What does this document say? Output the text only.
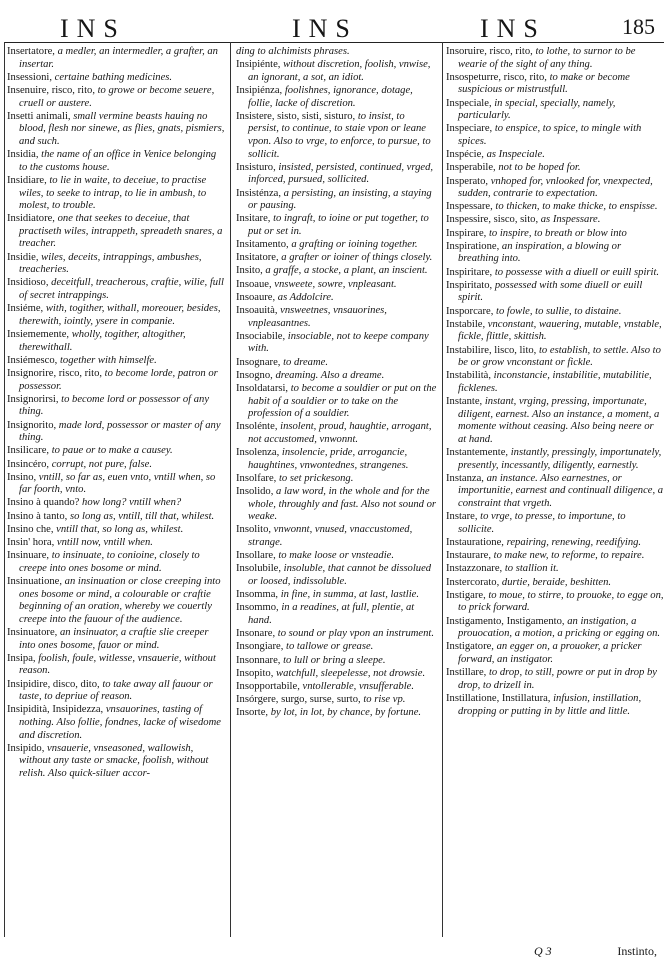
INS	INS	INS	185

Insertatore, a medler, an intermedler, a grafter, an insertar.

Insessioni, certaine bathing medicines.

Insenuire, risco, rito, to growe or become seuere, cruell or austere.

Insetti animali, small vermine beasts hauing no blood, flesh nor sinewe, as flies, gnats, pismiers, and such.

Insidia, the name of an office in Venice belonging to the customs house.

Insidiare, to lie in waite, to deceiue, to practise wiles, to seeke to intrap, to lie in ambush, to molest, to trouble.

Insidiatore, one that seekes to deceiue, that practiseth wiles, intrappeth, spreadeth snares, a treacher.

Insidie, wiles, deceits, intrappings, ambushes, treacheries.

Insidioso, deceitfull, treacherous, craftie, wilie, full of secret intrappings.

Insiéme, with, togither, withall, moreouer, besides, therewith, iointly, ysere in companie.

Insiememente, wholly, togither, altogither, therewithall.

Insiémesco, together with himselfe.

Insignorire, risco, rito, to become lorde, patron or possessor.

Insignorirsi, to become lord or possessor of any thing.

Insignorito, made lord, possessor or master of any thing.

Insilicare, to paue or to make a causey.

Insincéro, corrupt, not pure, false.

Insino, vntill, so far as, euen vnto, vntill when, so far foorth, vnto.

Insino à quando? how long? vntill when?

Insino à tanto, so long as, vntill, till that, whilest.

Insino che, vntill that, so long as, whilest.

Insin' hora, vntill now, vntill when.

Insinuare, to insinuate, to conioine, closely to creepe into ones bosome or mind.

Insinuatione, an insinuation or close creeping into ones bosome or mind, a colourable or craftie beginning of an oration, whereby we couertly creepe into the fauour of the audience.

Insinuatore, an insinuator, a craftie slie creeper into ones bosome, fauor or mind.

Insipa, foolish, foule, witlesse, vnsauerie, without reason.

Insipidire, disco, dito, to take away all fauour or taste, to depriue of reason.

Insipidità, Insipidezza, vnsauorines, tasting of nothing. Also follie, fondnes, lacke of wisedome and discretion.

Insipido, vnsauerie, vnseasoned, wallowish, without any taste or smacke, foolish, without relish. Also quick-siluer accor-

ding to alchimists phrases.

Insipiénte, without discretion, foolish, vnwise, an ignorant, a sot, an idiot.

Insipiénza, foolishnes, ignorance, dotage, follie, lacke of discretion.

Insistere, sisto, sisti, sisturo, to insist, to persist, to continue, to staie vpon or leane vpon. Also to vrge, to enforce, to pursue, to sollicit.

Insisturo, insisted, persisted, continued, vrged, inforced, pursued, sollicited.

Insisténza, a persisting, an insisting, a staying or pausing.

Insitare, to ingraft, to ioine or put together, to put or set in.

Insitamento, a grafting or ioining together.

Insitatore, a grafter or ioiner of things closely.

Insito, a graffe, a stocke, a plant, an inscient.

Insoaue, vnsweete, sowre, vnpleasant.

Insoaure, as Addolcire.

Insoauità, vnsweetnes, vnsauorines, vnpleasantnes.

Insociabile, insociable, not to keepe company with.

Insognare, to dreame.

Insogno, dreaming. Also a dreame.

Insoldatarsi, to become a souldier or put on the habit of a souldier or to take on the profession of a souldier.

Insolénte, insolent, proud, haughtie, arrogant, not accustomed, vnwonnt.

Insolenza, insolencie, pride, arrogancie, haughtines, vnwontednes, strangenes.

Insolfare, to set prickesong.

Insolido, a law word, in the whole and for the whole, throughly and fast. Also not sound or weake.

Insolito, vnwonnt, vnused, vnaccustomed, strange.

Insollare, to make loose or vnsteadie.

Insolubile, insoluble, that cannot be dissolued or loosed, indissoluble.

Insomma, in fine, in summa, at last, lastlie.

Insommo, in a readines, at full, plentie, at hand.

Insonare, to sound or play vpon an instrument.

Insongiare, to tallowe or grease.

Insonnare, to lull or bring a sleepe.

Insopito, watchfull, sleepelesse, not drowsie.

Insopportabile, vntollerable, vnsufferable.

Insórgere, surgo, surse, surto, to rise vp.

Insorte, by lot, in lot, by chance, by fortune.

Insoruire, risco, rito, to lothe, to surnor to be wearie of the sight of any thing.

Insospeturre, risco, rito, to make or become suspicious or mistrustfull.

Inspeciale, in special, specially, namely, particularly.

Inspeciare, to enspice, to spice, to mingle with spices.

Inspécie, as Inspeciale.

Insperabile, not to be hoped for.

Insperato, vnhoped for, vnlooked for, vnexpected, sudden, contrarie to expectation.

Inspessare, to thicken, to make thicke, to enspisse.

Inspessire, sisco, sito, as Inspessare.

Inspirare, to inspire, to breath or blow into

Inspiratione, an inspiration, a blowing or breathing into.

Inspiritare, to possesse with a diuell or euill spirit.

Inspiritato, possessed with some diuell or euill spirit.

Insporcare, to fowle, to sullie, to distaine.

Instabile, vnconstant, wauering, mutable, vnstable, fickle, flittle, skittish.

Instabilire, lisco, lito, to establish, to settle. Also to be or grow vnconstant or fickle.

Instabilità, inconstancie, instabilitie, mutabilitie, ficklenes.

Instante, instant, vrging, pressing, importunate, diligent, earnest. Also an instance, a moment, a momente without ceasing. Also being neere or at hand.

Instantemente, instantly, pressingly, importunately, presently, incessantly, diligently, earnestly.

Instanza, an instance. Also earnestnes, or importunitie, earnest and continuall diligence, a constraint that vrgeth.

Instare, to vrge, to presse, to importune, to sollicite.

Instauratione, repairing, renewing, reedifying.

Instaurare, to make new, to reforme, to repaire.

Instazzonare, to stallion it.

Instercorato, durtie, beraide, beshitten.

Instigare, to moue, to stirre, to prouoke, to egge on, to prick forward.

Instigamento, Instigamento, an instigation, a prouocation, a motion, a pricking or egging on.

Instigatore, an egger on, a prouoker, a pricker forward, an instigator.

Instillare, to drop, to still, powre or put in drop by drop, to drizell in.

Instillatione, Instillatura, infusion, instillation, dropping or putting in by little and little.

Q 3	Instinto,
